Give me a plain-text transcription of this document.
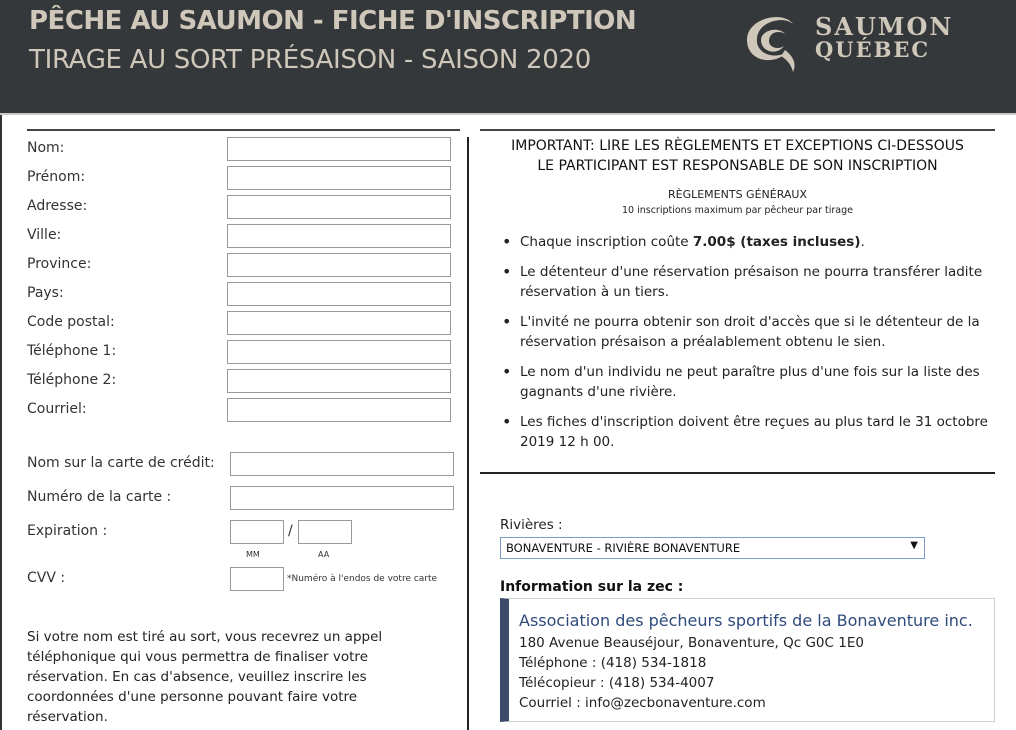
PÊCHE AU SAUMON - FICHE D'INSCRIPTION
TIRAGE AU SORT PRÉSAISON - SAISON 2020
SAUMON
QUÉBEC
Nom:
Prénom:
Adresse:
Ville:
Province:
Pays:
Code postal:
Téléphone 1:
Téléphone 2:
Courriel:
Nom sur la carte de crédit:
Numéro de la carte :
Expiration :	/
MM	AA
CVV :	*Numéro à l'endos de votre carte
Si votre nom est tiré au sort, vous recevrez un appel téléphonique qui vous permettra de finaliser votre réservation. En cas d'absence, veuillez inscrire les coordonnées d'une personne pouvant faire votre réservation.
IMPORTANT: LIRE LES RÈGLEMENTS ET EXCEPTIONS CI-DESSOUS
LE PARTICIPANT EST RESPONSABLE DE SON INSCRIPTION
RÈGLEMENTS GÉNÉRAUX
10 inscriptions maximum par pêcheur par tirage
• Chaque inscription coûte 7.00$ (taxes incluses).
• Le détenteur d'une réservation présaison ne pourra transférer ladite réservation à un tiers.
• L'invité ne pourra obtenir son droit d'accès que si le détenteur de la réservation présaison a préalablement obtenu le sien.
• Le nom d'un individu ne peut paraître plus d'une fois sur la liste des gagnants d'une rivière.
• Les fiches d'inscription doivent être reçues au plus tard le 31 octobre 2019 12 h 00.
Rivières :
BONAVENTURE - RIVIÈRE BONAVENTURE	▼
Information sur la zec :
Association des pêcheurs sportifs de la Bonaventure inc.
180 Avenue Beauséjour, Bonaventure, Qc G0C 1E0
Téléphone : (418) 534-1818
Télécopieur : (418) 534-4007
Courriel : info@zecbonaventure.com
